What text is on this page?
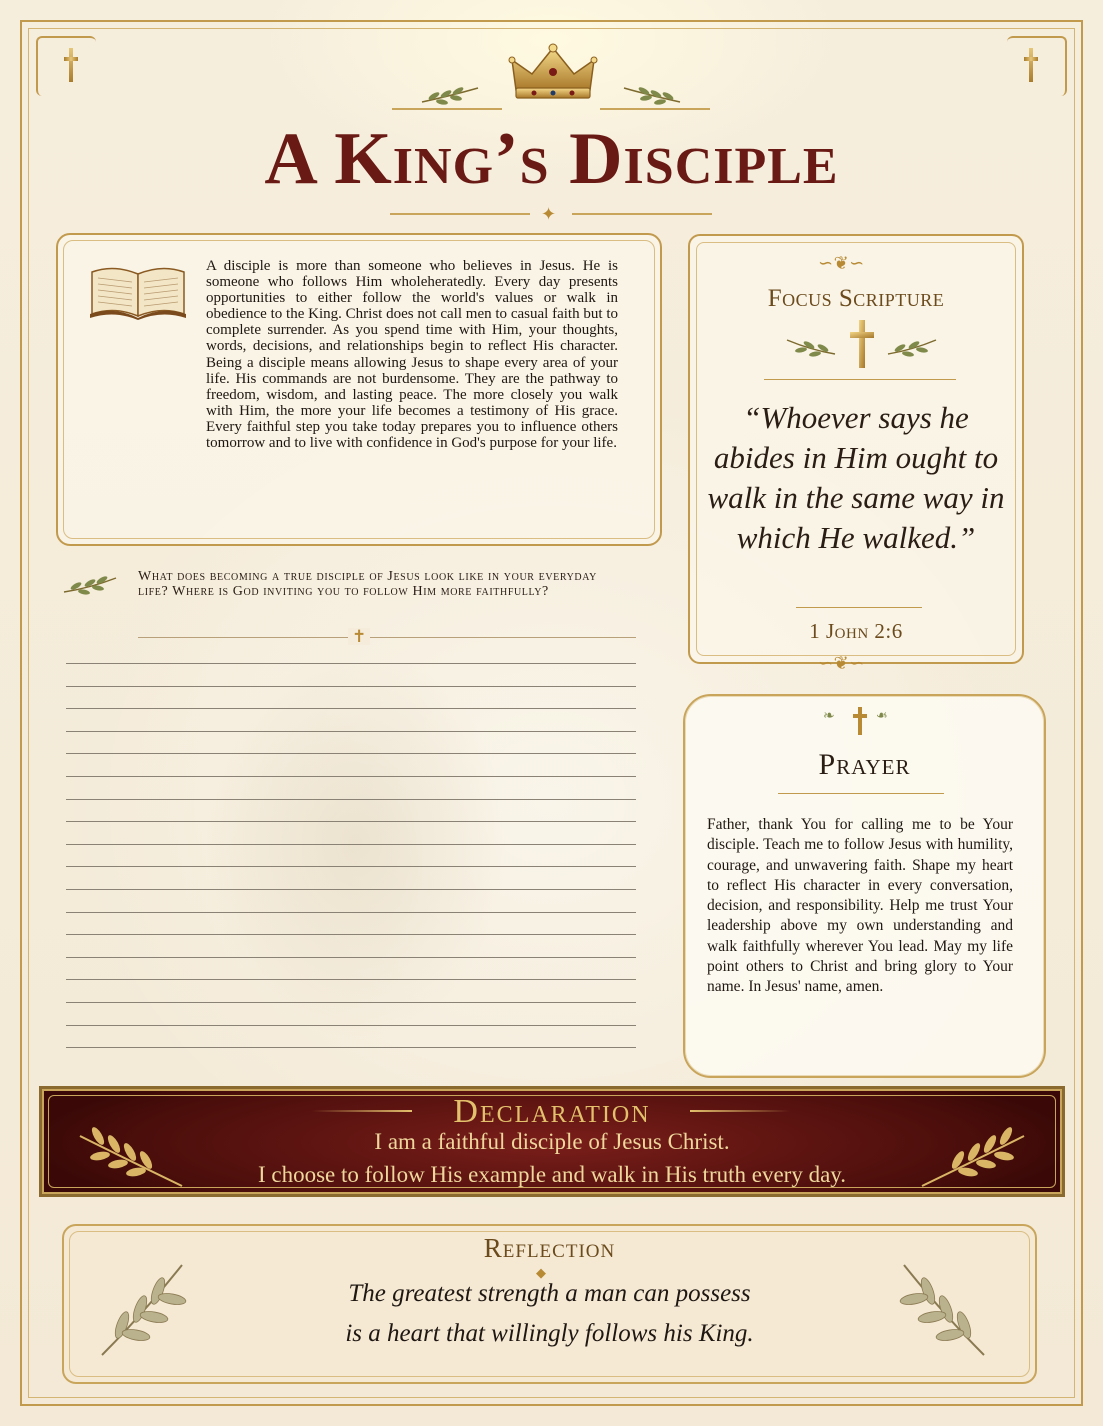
A King’s Disciple
✦

A disciple is more than someone who believes in Jesus. He is someone who follows Him wholeheratedly. Every day presents opportunities to either follow the world's values or walk in obedience to the King. Christ does not call men to casual faith but to complete surrender. As you spend time with Him, your thoughts, words, decisions, and relationships begin to reflect His character. Being a disciple means allowing Jesus to shape every area of your life. His commands are not burdensome. They are the pathway to freedom, wisdom, and lasting peace. The more closely you walk with Him, the more your life becomes a testimony of His grace. Every faithful step you take today prepares you to influence others tomorrow and to live with confidence in God's purpose for your life.

What does becoming a true disciple of Jesus look like in your everyday life? Where is God inviting you to follow Him more faithfully?

✝
∽ ❦ ∽
Focus Scripture

“Whoever says he abides in Him ought to walk in the same way in which He walked.”

1 John 2:6
∽ ❦ ∽
❧	❧
Prayer

Father, thank You for calling me to be Your disciple. Teach me to follow Jesus with humility, courage, and unwavering faith. Shape my heart to reflect His character in every conversation, decision, and responsibility. Help me trust Your leadership above my own understanding and walk faithfully wherever You lead. May my life point others to Christ and bring glory to Your name. In Jesus' name, amen.

Declaration
I am a faithful disciple of Jesus Christ.
I choose to follow His example and walk in His truth every day.
Reflection
◆
The greatest strength a man can possess
is a heart that willingly follows his King.
